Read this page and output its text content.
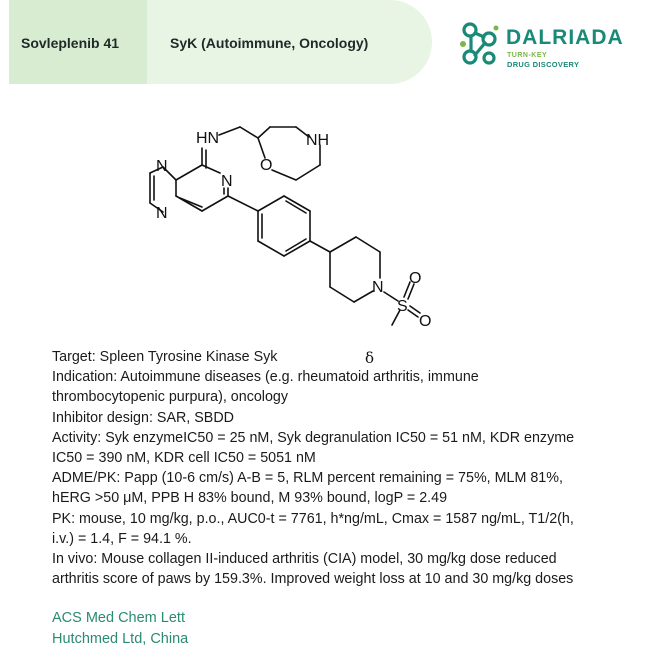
Sovleplenib 41	SyK (Autoimmune, Oncology)	DALRIADA
TURN-KEY
DRUG DISCOVERY
HN	NH
O
N
N
N
N
S
O
O
δ

Target: Spleen Tyrosine Kinase Syk

Indication: Autoimmune diseases (e.g. rheumatoid arthritis, immune

thrombocytopenic purpura), oncology

Inhibitor design: SAR, SBDD

Activity: Syk enzymeIC50 = 25 nM, Syk degranulation IC50 = 51 nM, KDR enzyme

IC50 = 390 nM, KDR cell IC50 = 5051 nM

ADME/PK: Papp (10-6 cm/s) A-B = 5, RLM percent remaining = 75%, MLM 81%,

hERG >50 μM, PPB H 83% bound, M 93% bound, logP = 2.49

PK: mouse, 10 mg/kg, p.o., AUC0-t = 7761, h*ng/mL, Cmax = 1587 ng/mL, T1/2(h,

i.v.) = 1.4, F = 94.1 %.

In vivo: Mouse collagen II-induced arthritis (CIA) model, 30 mg/kg dose reduced

arthritis score of paws by 159.3%. Improved weight loss at 10 and 30 mg/kg doses

ACS Med Chem Lett

Hutchmed Ltd, China
